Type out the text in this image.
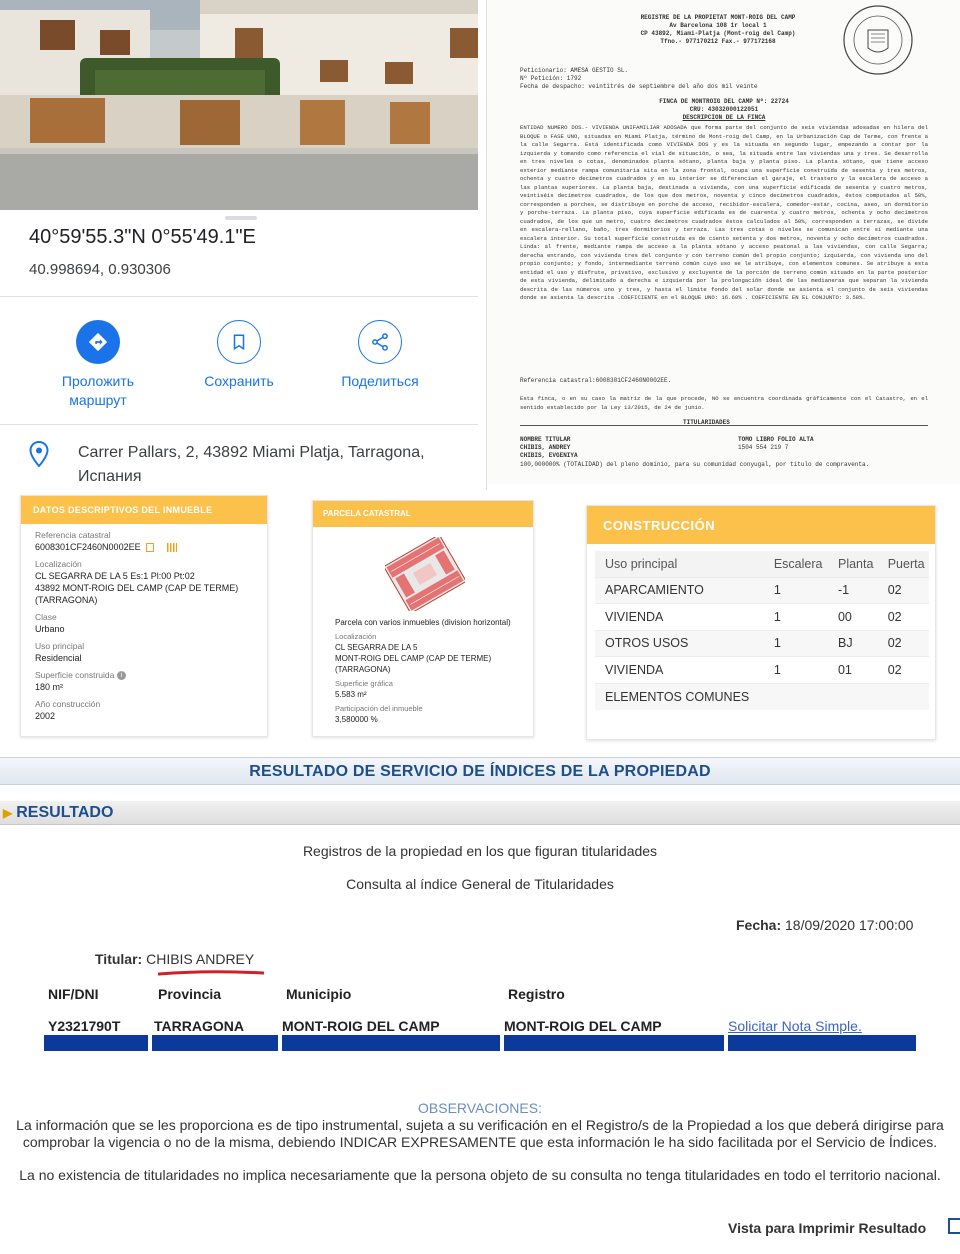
40°59'55.3"N 0°55'49.1"E
40.998694, 0.930306
Проложить маршрут
Сохранить	Поделиться
Carrer Pallars, 2, 43892 Miami Platja, Tarragona, Испания
REGISTRE DE LA PROPIETAT MONT-ROIG DEL CAMP
Av Barcelona 108 1r local 1
CP 43892, Miami-Platja (Mont-roig del Camp)
Tfno.- 977170212 Fax.- 977172168
Peticionario: AMESA GESTIO SL.
Nº Petición: 1792
Fecha de despacho: veintitrés de septiembre del año dos mil veinte
FINCA DE MONTROIG DEL CAMP Nº: 22724
CRU: 43032000122051
DESCRIPCION DE LA FINCA
ENTIDAD NUMERO DOS.- VIVIENDA UNIFAMILIAR ADOSADA que forma parte del conjunto de seis viviendas adosadas en hilera del BLOQUE o FASE UNO, situadas en Miami Platja, término de Mont-roig del Camp, en la Urbanización Cap de Terme, con frente a la calle Segarra. Está identificada como VIVIENDA DOS y es la situada en segundo lugar, empezando a contar por la izquierda y tomando como referencia el vial de situación, o sea, la situada entre las viviendas una y tres. Se desarrolla en tres niveles o cotas, denominados planta sótano, planta baja y planta piso. La planta sótano, que tiene acceso exterior mediante rampa comunitaria sita en la zona frontal, ocupa una superficie construida de sesenta y tres metros, ochenta y cuatro decímetros cuadrados y en su interior se diferencian el garaje, el trastero y la escalera de acceso a las plantas superiores. La planta baja, destinada a vivienda, con una superficie edificada de sesenta y cuatro metros, veintiséis decímetros cuadrados, de los que dos metros, noventa y cinco decímetros cuadrados, éstos computados al 50%, corresponden a porches, se distribuye en porche de acceso, recibidor-escalera, comedor-estar, cocina, aseo, un dormitorio y porche-terraza. La planta piso, cuya superficie edificada es de cuarenta y cuatro metros, ochenta y ocho decímetros cuadrados, de los que un metro, cuatro decímetros cuadrados éstos calculados al 50%, corresponden a terrazas, se divide en escalera-rellano, baño, tres dormitorios y terraza. Las tres cotas o niveles se comunican entre sí mediante una escalera interior. Su total superficie construida es de ciento setenta y dos metros, noventa y ocho decímetros cuadrados. Linda: al frente, mediante rampa de acceso a la planta sótano y acceso peatonal a las viviendas, con calle Segarra; derecha entrando, con vivienda tres del conjunto y con terreno común del propio conjunto; izquierda, con vivienda uno del propio conjunto; y fondo, intermediante terreno común cuyo uso se le atribuye, con elementos comunes. Se atribuye a esta entidad el uso y disfrute, privativo, exclusivo y excluyente de la porción de terreno común situado en la parte posterior de esta vivienda, delimitado a derecha e izquierda por la prolongación ideal de las medianeras que separan la vivienda descrita de las números uno y tres, y hasta el límite fondo del solar donde se asienta el conjunto de seis viviendas donde se asienta la descrita .COEFICIENTE en el BLOQUE UNO: 16.60% . COEFICIENTE EN EL CONJUNTO: 3.58%.
Referencia catastral:6008301CF2460N0002EE.
Esta finca, o en su caso la matriz de la que procede, NO se encuentra coordinada gráficamente con el Catastro, en el sentido establecido por la Ley 13/2015, de 24 de junio.
TITULARIDADES
NOMBRE TITULAR	TOMO LIBRO FOLIO ALTA
CHIBIS, ANDREY	1504 554 219 7
CHIBIS, EVGENIYA
100,000000% (TOTALIDAD) del pleno dominio, para su comunidad conyugal, por título de compraventa.
DATOS DESCRIPTIVOS DEL INMUEBLE
Referencia catastral
6008301CF2460N0002EE
Localización
CL SEGARRA DE LA 5 Es:1 Pl:00 Pt:02
43892 MONT-ROIG DEL CAMP (CAP DE TERME)
(TARRAGONA)
Clase
Urbano
Uso principal
Residencial
Superficie construida i
180 m²
Año construcción
2002
PARCELA CATASTRAL
Parcela con varios inmuebles (division horizontal)
Localización
CL SEGARRA DE LA 5
MONT-ROIG DEL CAMP (CAP DE TERME)
(TARRAGONA)
Superficie gráfica
5.583 m²
Participación del inmueble
3,580000 %
CONSTRUCCIÓN
Uso principal	Escalera	Planta	Puerta
APARCAMIENTO	1	-1	02
VIVIENDA	1	00	02
OTROS USOS	1	BJ	02
VIVIENDA	1	01	02
ELEMENTOS COMUNES			
RESULTADO DE SERVICIO DE ÍNDICES DE LA PROPIEDAD
▶ RESULTADO
Registros de la propiedad en los que figuran titularidades
Consulta al índice General de Titularidades
Fecha: 18/09/2020 17:00:00
Titular: CHIBIS ANDREY
NIF/DNI	Provincia	Municipio	Registro
Y2321790T TARRAGONA	MONT-ROIG DEL CAMP	MONT-ROIG DEL CAMP	Solicitar Nota Simple.
OBSERVACIONES:
La información que se les proporciona es de tipo instrumental, sujeta a su verificación en el Registro/s de la Propiedad a los que deberá dirigirse para comprobar la vigencia o no de la misma, debiendo INDICAR EXPRESAMENTE que esta información le ha sido facilitada por el Servicio de Índices.
La no existencia de titularidades no implica necesariamente que la persona objeto de su consulta no tenga titularidades en todo el territorio nacional.
Vista para Imprimir Resultado
